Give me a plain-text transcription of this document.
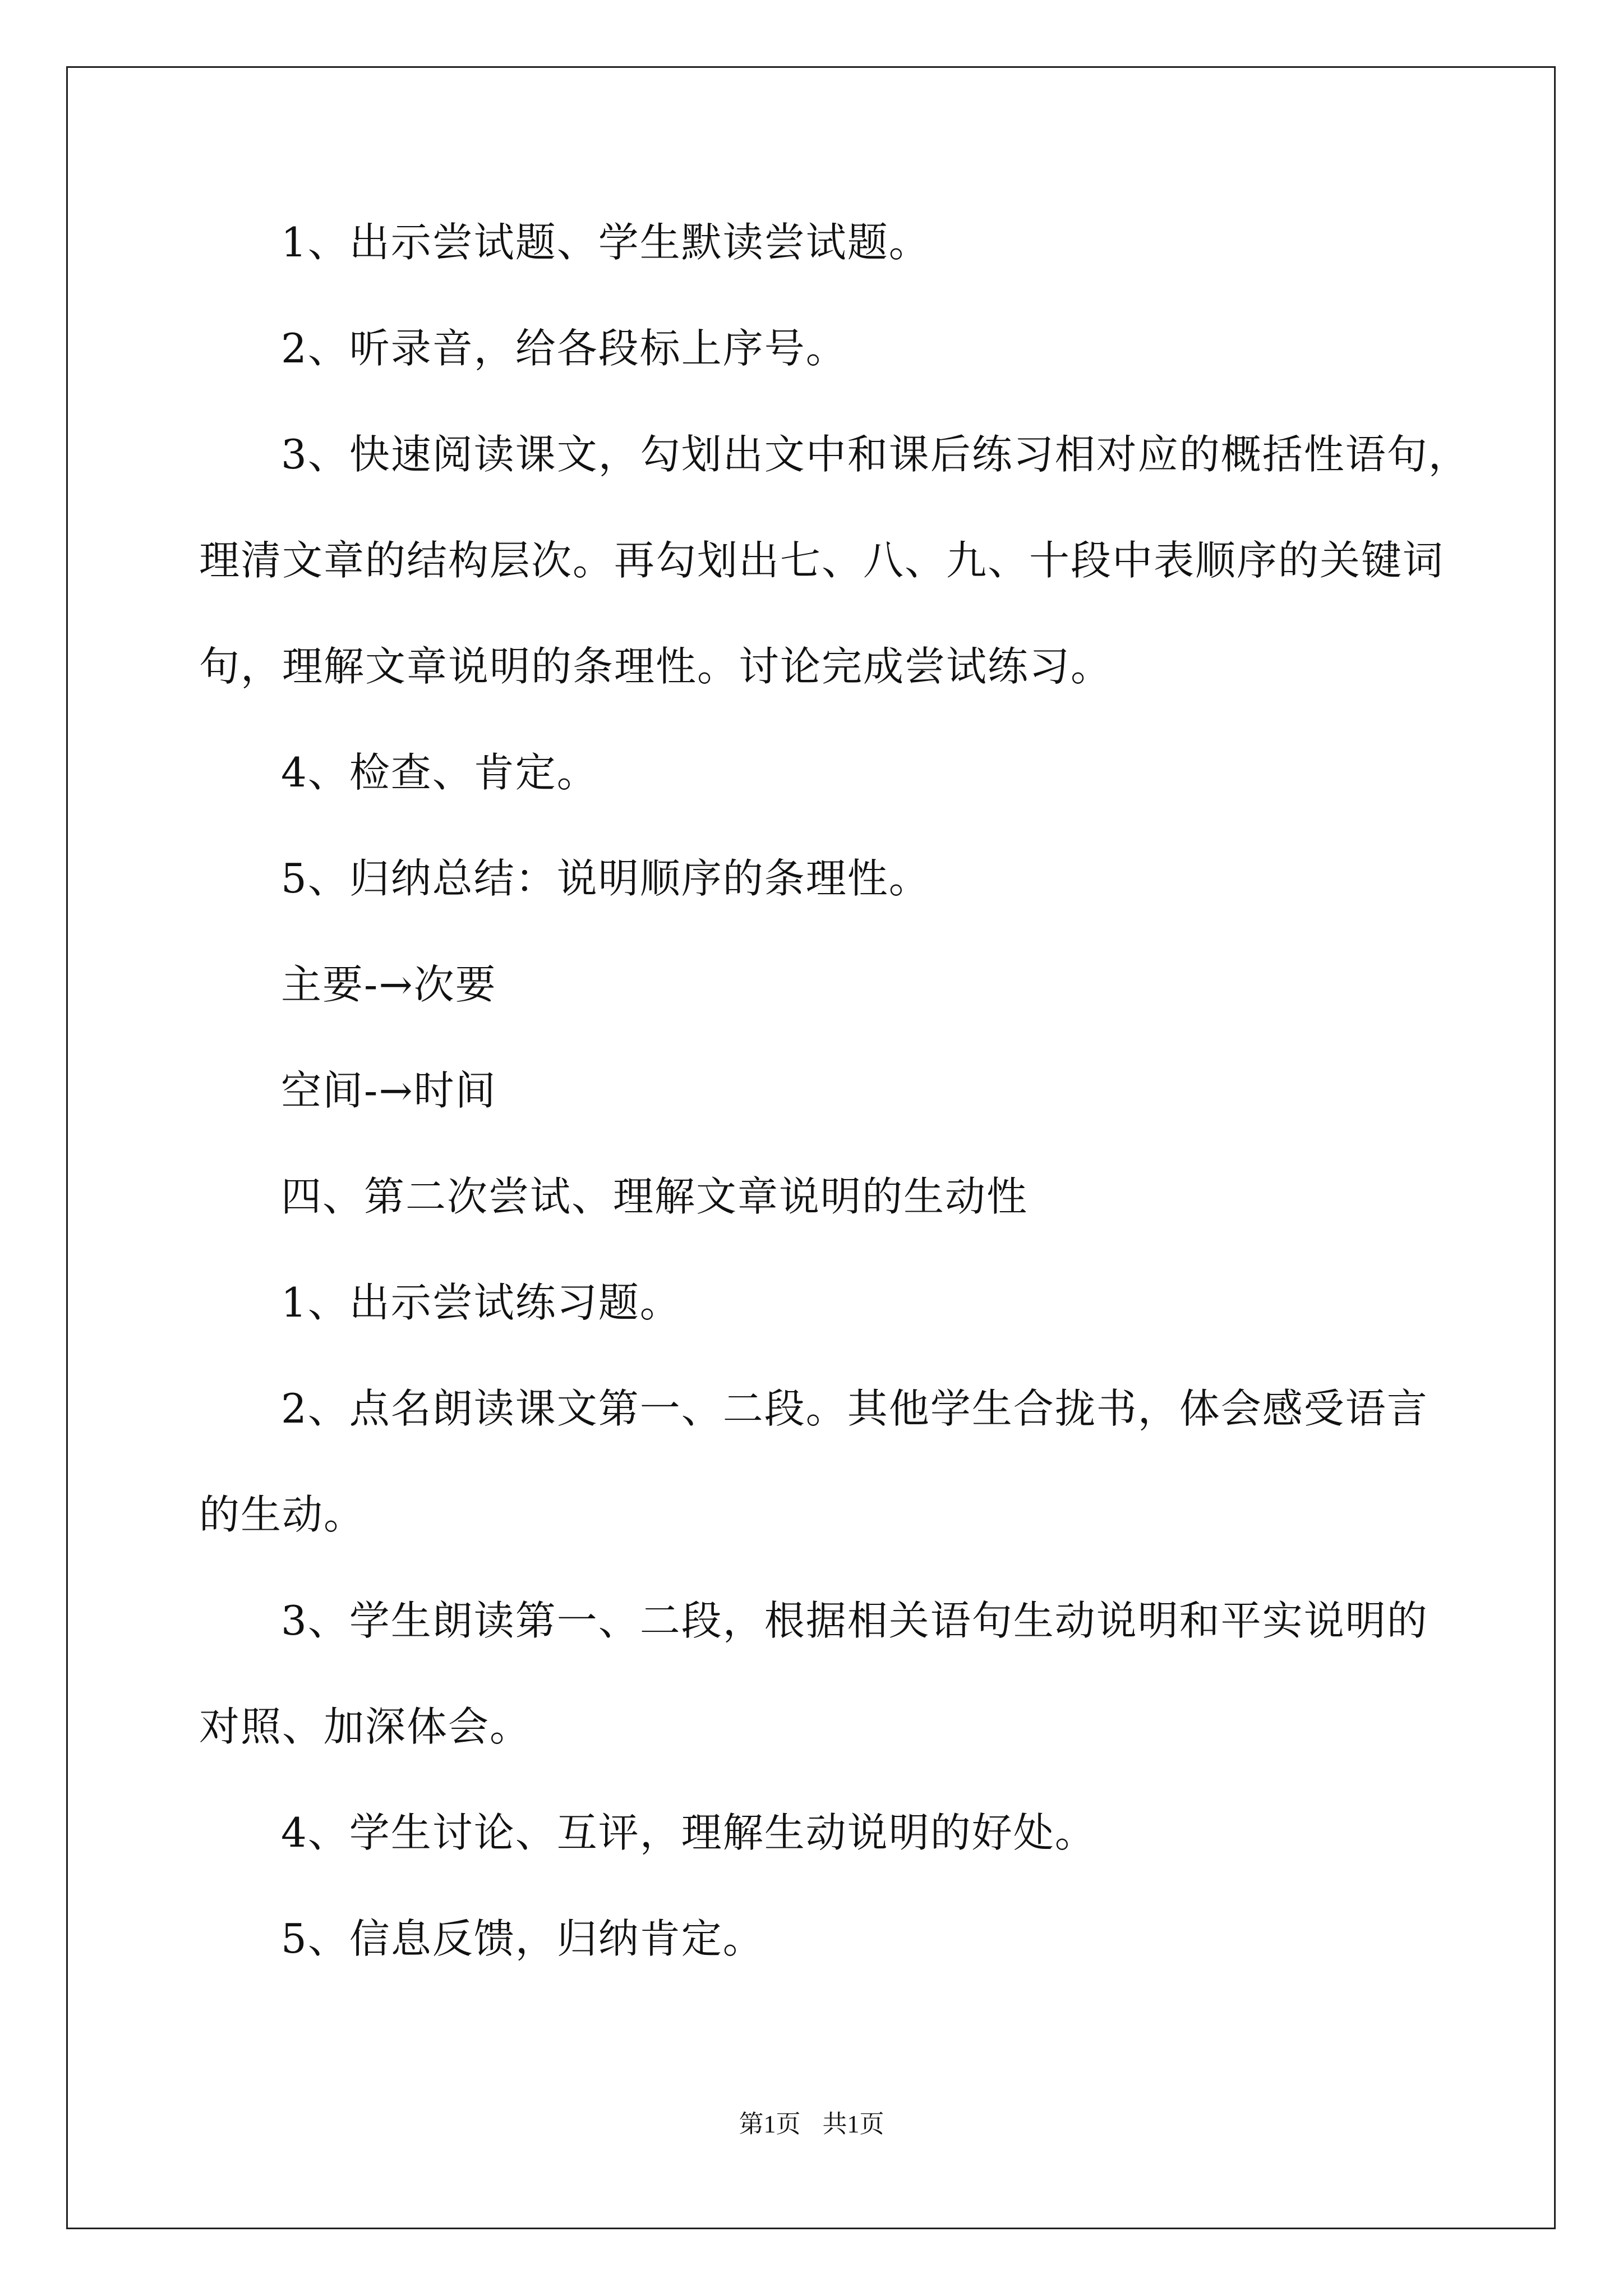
1、出示尝试题、学生默读尝试题。
2、听录音，给各段标上序号。
3、快速阅读课文，勾划出文中和课后练习相对应的概括性语句，
理清文章的结构层次。再勾划出七、八、九、十段中表顺序的关键词
句，理解文章说明的条理性。讨论完成尝试练习。
4、检查、肯定。
5、归纳总结：说明顺序的条理性。
主要-→次要
空间-→时间
四、第二次尝试、理解文章说明的生动性
1、出示尝试练习题。
2、点名朗读课文第一、二段。其他学生合拢书，体会感受语言
的生动。
3、学生朗读第一、二段，根据相关语句生动说明和平实说明的
对照、加深体会。
4、学生讨论、互评，理解生动说明的好处。
5、信息反馈，归纳肯定。
第1页 共1页
